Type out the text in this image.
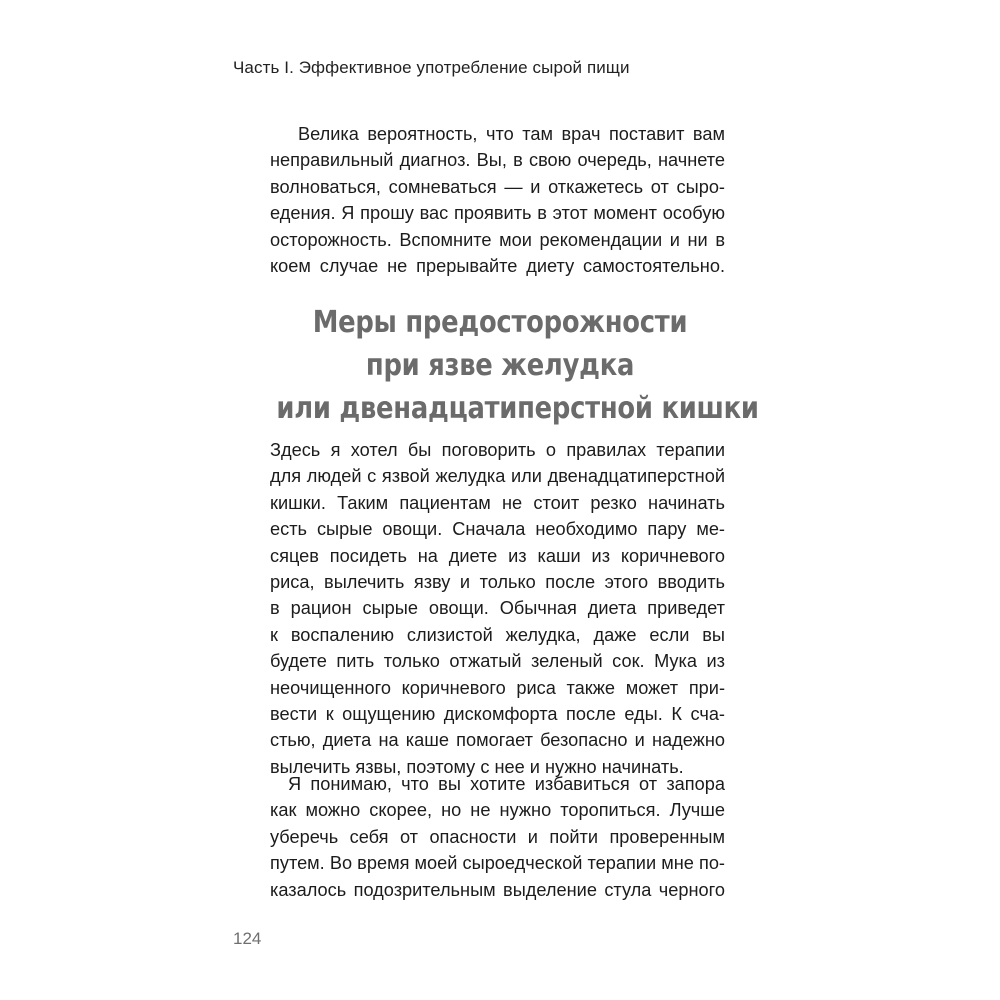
Часть I. Эффективное употребление сырой пищи
Велика вероятность, что там врач поставит вам
неправильный диагноз. Вы, в свою очередь, начнете
волноваться, сомневаться — и откажетесь от сыро-
едения. Я прошу вас проявить в этот момент особую
осторожность. Вспомните мои рекомендации и ни в
коем случае не прерывайте диету самостоятельно.
Меры предосторожности
при язве желудка
или двенадцатиперстной кишки
Здесь я хотел бы поговорить о правилах терапии
для людей с язвой желудка или двенадцатиперстной
кишки. Таким пациентам не стоит резко начинать
есть сырые овощи. Сначала необходимо пару ме-
сяцев посидеть на диете из каши из коричневого
риса, вылечить язву и только после этого вводить
в рацион сырые овощи. Обычная диета приведет
к воспалению слизистой желудка, даже если вы
будете пить только отжатый зеленый сок. Мука из
неочищенного коричневого риса также может при-
вести к ощущению дискомфорта после еды. К сча-
стью, диета на каше помогает безопасно и надежно
вылечить язвы, поэтому с нее и нужно начинать.
Я понимаю, что вы хотите избавиться от запора
как можно скорее, но не нужно торопиться. Лучше
уберечь себя от опасности и пойти проверенным
путем. Во время моей сыроедческой терапии мне по-
казалось подозрительным выделение стула черного
124
